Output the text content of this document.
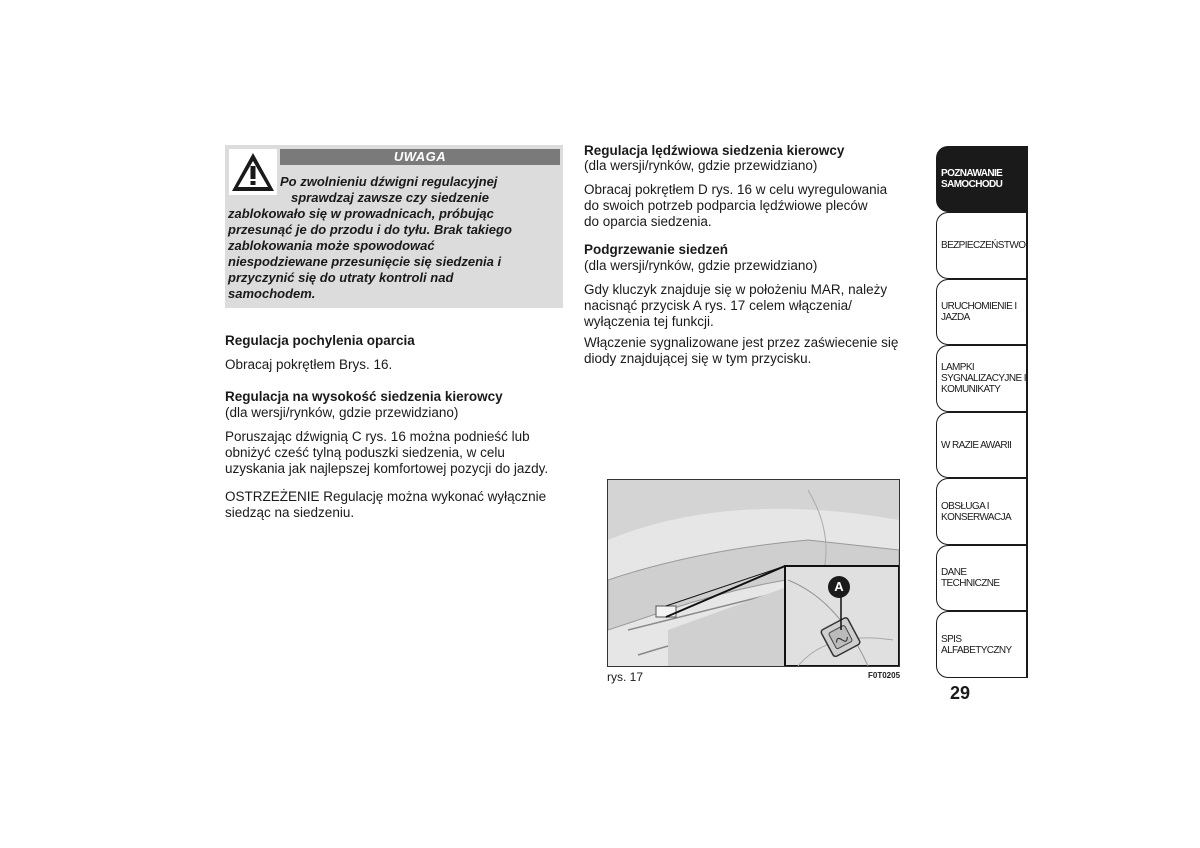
UWAGA
Po zwolnieniu dźwigni regulacyjnej
sprawdzaj zawsze czy siedzenie
zablokowało się w prowadnicach, próbując
przesunąć je do przodu i do tyłu. Brak takiego
zablokowania może spowodować
niespodziewane przesunięcie się siedzenia i
przyczynić się do utraty kontroli nad
samochodem.
Regulacja pochylenia oparcia
Obracaj pokrętłem Brys. 16.
Regulacja na wysokość siedzenia kierowcy
(dla wersji/rynków, gdzie przewidziano)
Poruszając dźwignią C rys. 16 można podnieść lub
obniżyć cześć tylną poduszki siedzenia, w celu
uzyskania jak najlepszej komfortowej pozycji do jazdy.
OSTRZEŻENIE Regulację można wykonać wyłącznie
siedząc na siedzeniu.
Regulacja lędźwiowa siedzenia kierowcy
(dla wersji/rynków, gdzie przewidziano)
Obracaj pokrętłem D rys. 16 w celu wyregulowania
do swoich potrzeb podparcia lędźwiowe pleców
do oparcia siedzenia.
Podgrzewanie siedzeń
(dla wersji/rynków, gdzie przewidziano)
Gdy kluczyk znajduje się w położeniu MAR, należy
nacisnąć przycisk A rys. 17 celem włączenia/
wyłączenia tej funkcji.
Włączenie sygnalizowane jest przez zaświecenie się
diody znajdującej się w tym przycisku.
A
rys. 17	F0T0205
POZNAWANIE
SAMOCHODU
BEZPIECZEŃSTWO
URUCHOMIENIE I
JAZDA
LAMPKI
SYGNALIZACYJNE I
KOMUNIKATY
W RAZIE AWARII
OBSŁUGA I
KONSERWACJA
DANE TECHNICZNE
SPIS ALFABETYCZNY
29
